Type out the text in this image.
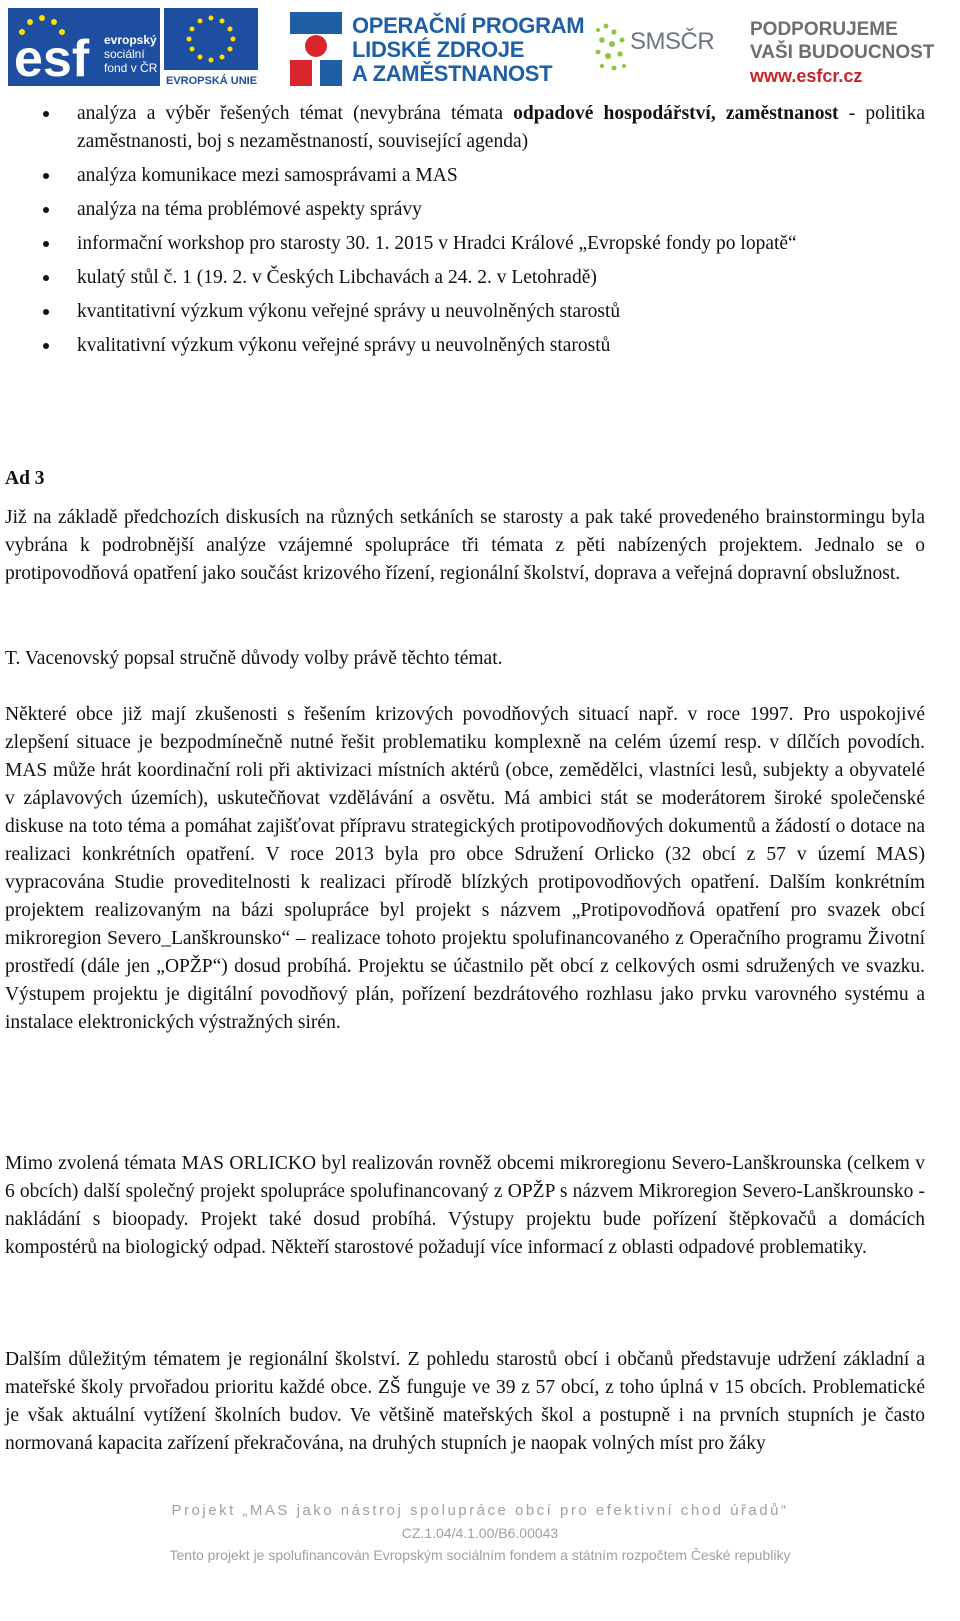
esf evropský
sociální
fond v ČR
EVROPSKÁ UNIE
OPERAČNÍ PROGRAM
LIDSKÉ ZDROJE
A ZAMĚSTNANOST
SMSČR PODPORUJEME
VAŠI BUDOUCNOST
www.esfcr.cz
analýza a výběr řešených témat (nevybrána témata odpadové hospodářství, zaměstnanost - politika zaměstnanosti, boj s nezaměstnaností, související agenda)
analýza komunikace mezi samosprávami a MAS
analýza na téma problémové aspekty správy
informační workshop pro starosty 30. 1. 2015 v Hradci Králové „Evropské fondy po lopatě“
kulatý stůl č. 1 (19. 2. v Českých Libchavách a 24. 2. v Letohradě)
kvantitativní výzkum výkonu veřejné správy u neuvolněných starostů
kvalitativní výzkum výkonu veřejné správy u neuvolněných starostů
Ad 3

Již na základě předchozích diskusích na různých setkáních se starosty a pak také provedeného brainstormingu byla vybrána k podrobnější analýze vzájemné spolupráce tři témata z pěti nabízených projektem. Jednalo se o protipovodňová opatření jako součást krizového řízení, regionální školství, doprava a veřejná dopravní obslužnost.

T. Vacenovský popsal stručně důvody volby právě těchto témat.

Některé obce již mají zkušenosti s řešením krizových povodňových situací např. v roce 1997. Pro uspokojivé zlepšení situace je bezpodmínečně nutné řešit problematiku komplexně na celém území resp. v dílčích povodích. MAS může hrát koordinační roli při aktivizaci místních aktérů (obce, zemědělci, vlastníci lesů, subjekty a obyvatelé v záplavových územích), uskutečňovat vzdělávání a osvětu. Má ambici stát se moderátorem široké společenské diskuse na toto téma a pomáhat zajišťovat přípravu strategických protipovodňových dokumentů a žádostí o dotace na realizaci konkrétních opatření. V roce 2013 byla pro obce Sdružení Orlicko (32 obcí z 57 v území MAS) vypracována Studie proveditelnosti k realizaci přírodě blízkých protipovodňových opatření. Dalším konkrétním projektem realizovaným na bázi spolupráce byl projekt s názvem „Protipovodňová opatření pro svazek obcí mikroregion Severo_Lanškrounsko“ – realizace tohoto projektu spolufinancovaného z Operačního programu Životní prostředí (dále jen „OPŽP“) dosud probíhá. Projektu se účastnilo pět obcí z celkových osmi sdružených ve svazku. Výstupem projektu je digitální povodňový plán, pořízení bezdrátového rozhlasu jako prvku varovného systému a instalace elektronických výstražných sirén.

Mimo zvolená témata MAS ORLICKO byl realizován rovněž obcemi mikroregionu Severo-Lanškrounska (celkem v 6 obcích) další společný projekt spolupráce spolufinancovaný z OPŽP s názvem Mikroregion Severo-Lanškrounsko - nakládání s bioopady. Projekt také dosud probíhá. Výstupy projektu bude pořízení štěpkovačů a domácích kompostérů na biologický odpad. Někteří starostové požadují více informací z oblasti odpadové problematiky.

Dalším důležitým tématem je regionální školství. Z pohledu starostů obcí i občanů představuje udržení základní a mateřské školy prvořadou prioritu každé obce. ZŠ funguje ve 39 z 57 obcí, z toho úplná v 15 obcích. Problematické je však aktuální vytížení školních budov. Ve většině mateřských škol a postupně i na prvních stupních je často normovaná kapacita zařízení překračována, na druhých stupních je naopak volných míst pro žáky

Projekt „MAS jako nástroj spolupráce obcí pro efektivní chod úřadů“
CZ.1.04/4.1.00/B6.00043
Tento projekt je spolufinancován Evropským sociálním fondem a státním rozpočtem České republiky
